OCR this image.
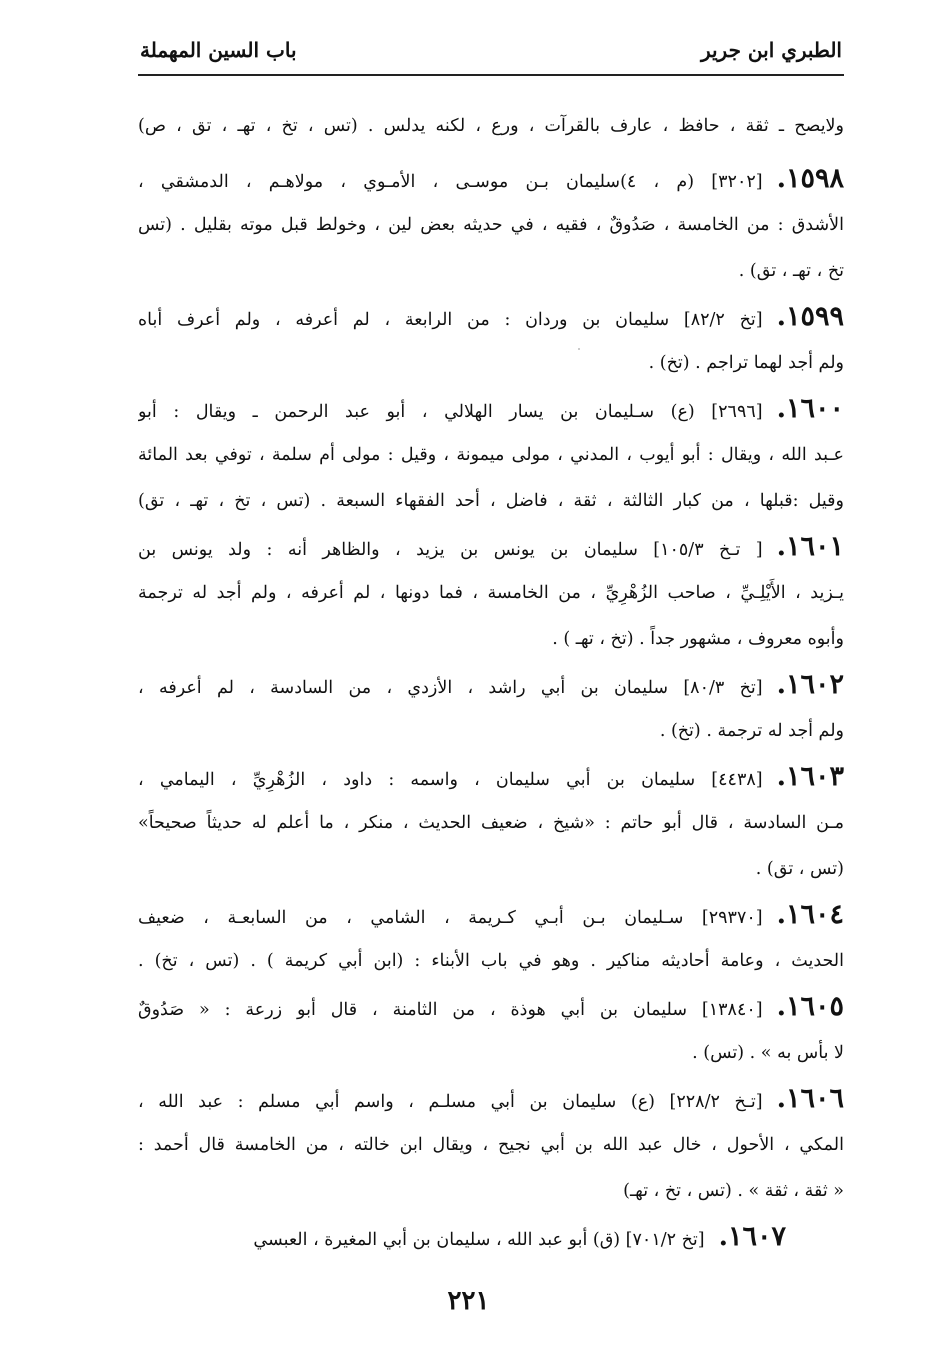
الطبري ابن جرير
باب السين المهملة
ولايصح ـ ثقة ، حافظ ، عارف بالقرآت ، ورع ، لكنه يدلس . (تس ، تخ ، تهـ ، تق ، ص)
١٥٩٨.[٣٢٠٢] (م ، ٤)سليمان بـن موسـى ، الأمـوي ، مولاهـم ، الدمشقي ،
الأشدق : من الخامسة ، صَدُوقٌ ، فقيه ، في حديثه بعض لين ، وخولط قبل موته بقليل . (تس
تخ ، تهـ ، تق) .
١٥٩٩.[تخ ٨٢/٢] سليمان بن وردان : من الرابعة ، لم أعرفه ، ولم أعرف أباه
ولم أجد لهما تراجم . (تخ) .
١٦٠٠.[٢٦٩٦] (ع) سـليمان بن يسار الهلالي ، أبو عبد الرحمن ـ ويقال : أبو
عـبد الله ، ويقال : أبو أيوب ، المدني ، مولى ميمونة ، وقيل : مولى أم سلمة ، توفي بعد المائة
وقيل :قبلها ، من كبار الثالثة ، ثقة ، فاضل ، أحد الفقهاء السبعة . (تس ، تخ ، تهـ ، تق)
١٦٠١.[ تـخ ١٠٥/٣] سليمان بن يونس بن يزيد ، والظاهر أنه : ولد يونس بن
يـزيد ، الأَيْلِـيِّ ، صاحب الزُهْرِيِّ ، من الخامسة ، فما دونها ، لم أعرفه ، ولم أجد له ترجمة
وأبوه معروف ، مشهور جداً . (تخ ، تهـ ) .
١٦٠٢.[تخ ٨٠/٣] سليمان بن أبي راشد ، الأزدي ، من السادسة ، لم أعرفه ،
ولم أجد له ترجمة . (تخ) .
١٦٠٣.[٤٤٣٨] سليمان بن أبي سليمان ، واسمه : داود ، الزُهْرِيِّ ، اليمامي ،
مـن السادسة ، قال أبو حاتم : «شيخ ، ضعيف الحديث ، منكر ، ما أعلم له حديثاً صحيحاً»
(تس ، تق) .
١٦٠٤.[٢٩٣٧٠] سـليمان بـن أبـي كـريمة ، الشامي ، من السابعـة ، ضعيف
الحديث ، وعامة أحاديثه مناكير . وهو في باب الأبناء : (ابن أبي كريمة ) . (تس ، تخ) .
١٦٠٥.[١٣٨٤٠] سليمان بن أبي هوذة ، من الثامنة ، قال أبو زرعة : « صَدُوقٌ
لا بأس به » . (تس) .
١٦٠٦.[تـخ ٢٢٨/٢] (ع) سليمان بن أبي مسلـم ، واسم أبي مسلم : عبد الله ،
المكي ، الأحول ، خال عبد الله بن أبي نجيح ، ويقال ابن خالته ، من الخامسة قال أحمد :
« ثقة ، ثقة » . (تس ، تخ ، تهـ)
١٦٠٧.[تخ ٧٠١/٢] (ق) أبو عبد الله ، سليمان بن أبي المغيرة ، العبسي
٢٢١
